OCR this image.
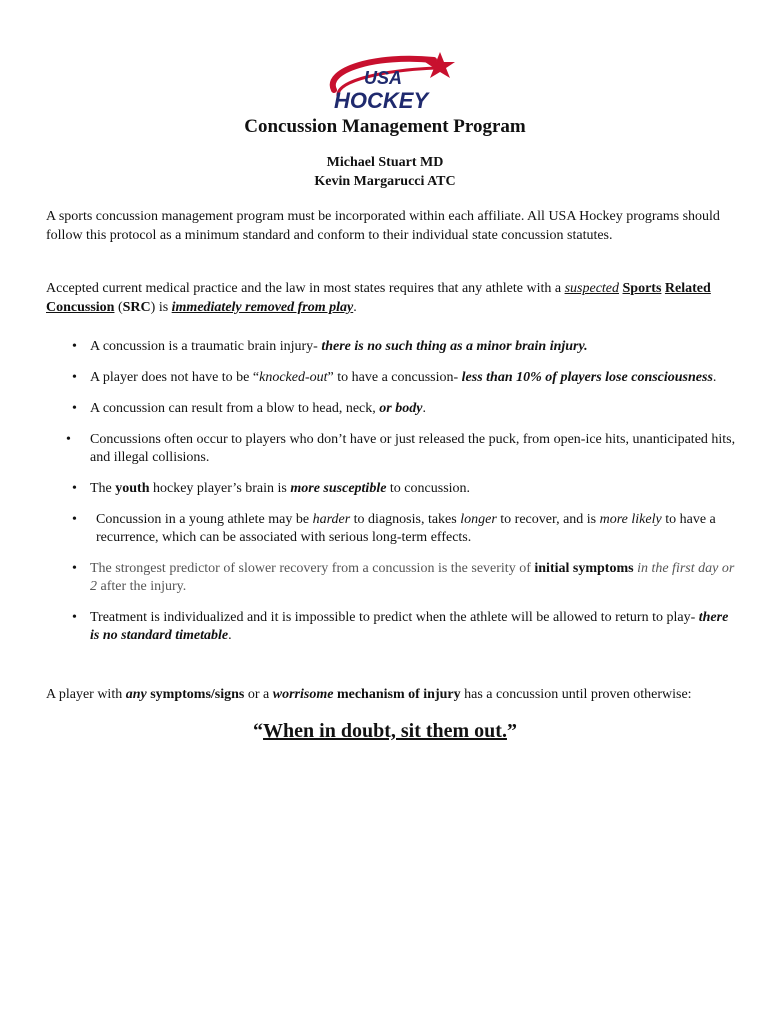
USA
HOCKEY
Concussion Management Program
Michael Stuart MD
Kevin Margarucci ATC
A sports concussion management program must be incorporated within each affiliate. All USA Hockey programs should follow this protocol as a minimum standard and conform to their individual state concussion statutes.
Accepted current medical practice and the law in most states requires that any athlete with a suspected Sports Related Concussion (SRC) is immediately removed from play.
• A concussion is a traumatic brain injury- there is no such thing as a minor brain injury.
• A player does not have to be “knocked-out” to have a concussion- less than 10% of players lose consciousness.
• A concussion can result from a blow to head, neck, or body.
• Concussions often occur to players who don’t have or just released the puck, from open-ice hits, unanticipated hits, and illegal collisions.
• The youth hockey player’s brain is more susceptible to concussion.
• Concussion in a young athlete may be harder to diagnosis, takes longer to recover, and is more likely to have a recurrence, which can be associated with serious long-term effects.
• The strongest predictor of slower recovery from a concussion is the severity of initial symptoms in the first day or 2 after the injury.
• Treatment is individualized and it is impossible to predict when the athlete will be allowed to return to play- there is no standard timetable.
A player with any symptoms/signs or a worrisome mechanism of injury has a concussion until proven otherwise:
“When in doubt, sit them out.”
